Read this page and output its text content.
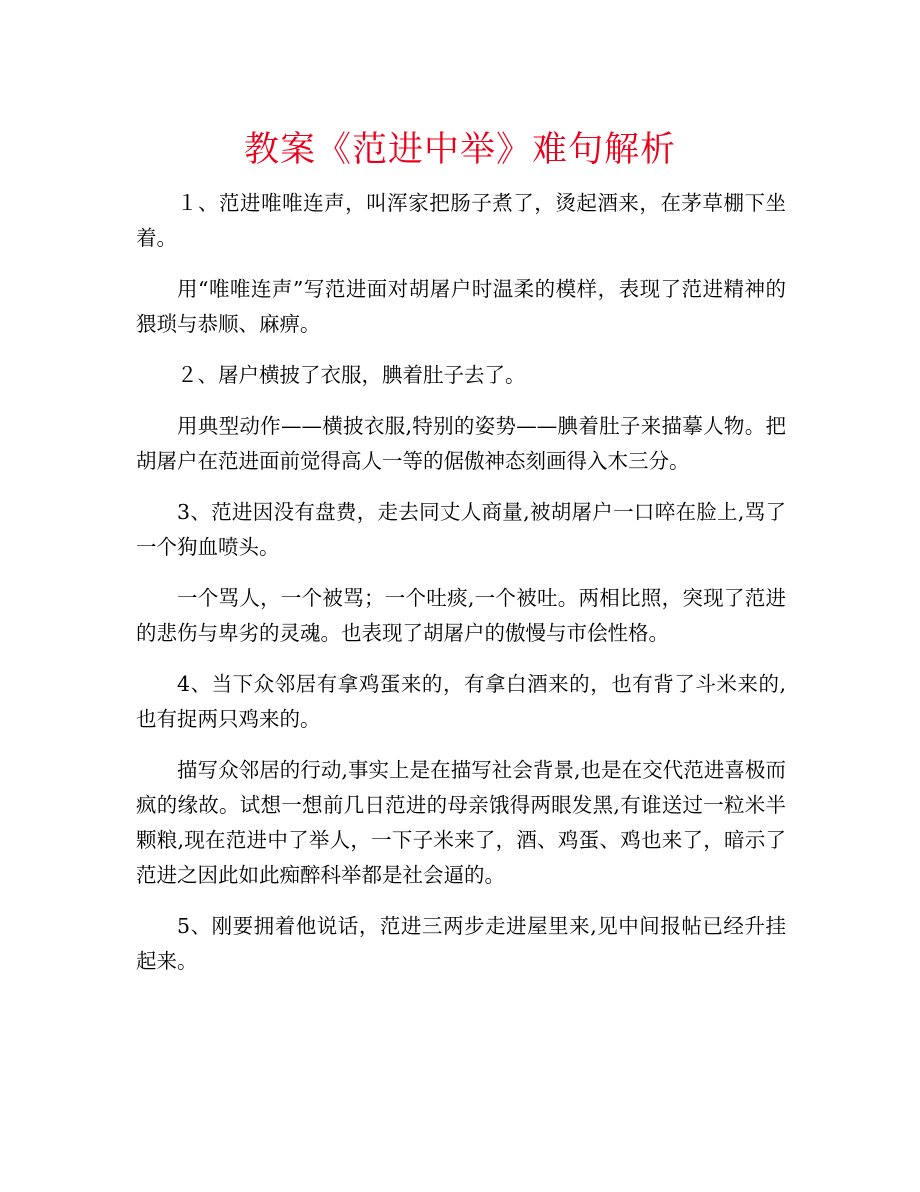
教案《范进中举》难句解析

１、范进唯唯连声，叫浑家把肠子煮了，烫起酒来，在茅草棚下坐着。

用“唯唯连声”写范进面对胡屠户时温柔的模样，表现了范进精神的猥琐与恭顺、麻痹。

２、屠户横披了衣服，腆着肚子去了。

用典型动作——横披衣服,特别的姿势——腆着肚子来描摹人物。把胡屠户在范进面前觉得高人一等的倨傲神态刻画得入木三分。

3、范进因没有盘费，走去同丈人商量,被胡屠户一口啐在脸上,骂了一个狗血喷头。

一个骂人，一个被骂；一个吐痰,一个被吐。两相比照，突现了范进的悲伤与卑劣的灵魂。也表现了胡屠户的傲慢与市侩性格。

4、当下众邻居有拿鸡蛋来的，有拿白酒来的，也有背了斗米来的,也有捉两只鸡来的。

描写众邻居的行动,事实上是在描写社会背景,也是在交代范进喜极而疯的缘故。试想一想前几日范进的母亲饿得两眼发黑,有谁送过一粒米半颗粮,现在范进中了举人，一下子米来了，酒、鸡蛋、鸡也来了，暗示了范进之因此如此痴醉科举都是社会逼的。

5、刚要拥着他说话，范进三两步走进屋里来,见中间报帖已经升挂起来。
